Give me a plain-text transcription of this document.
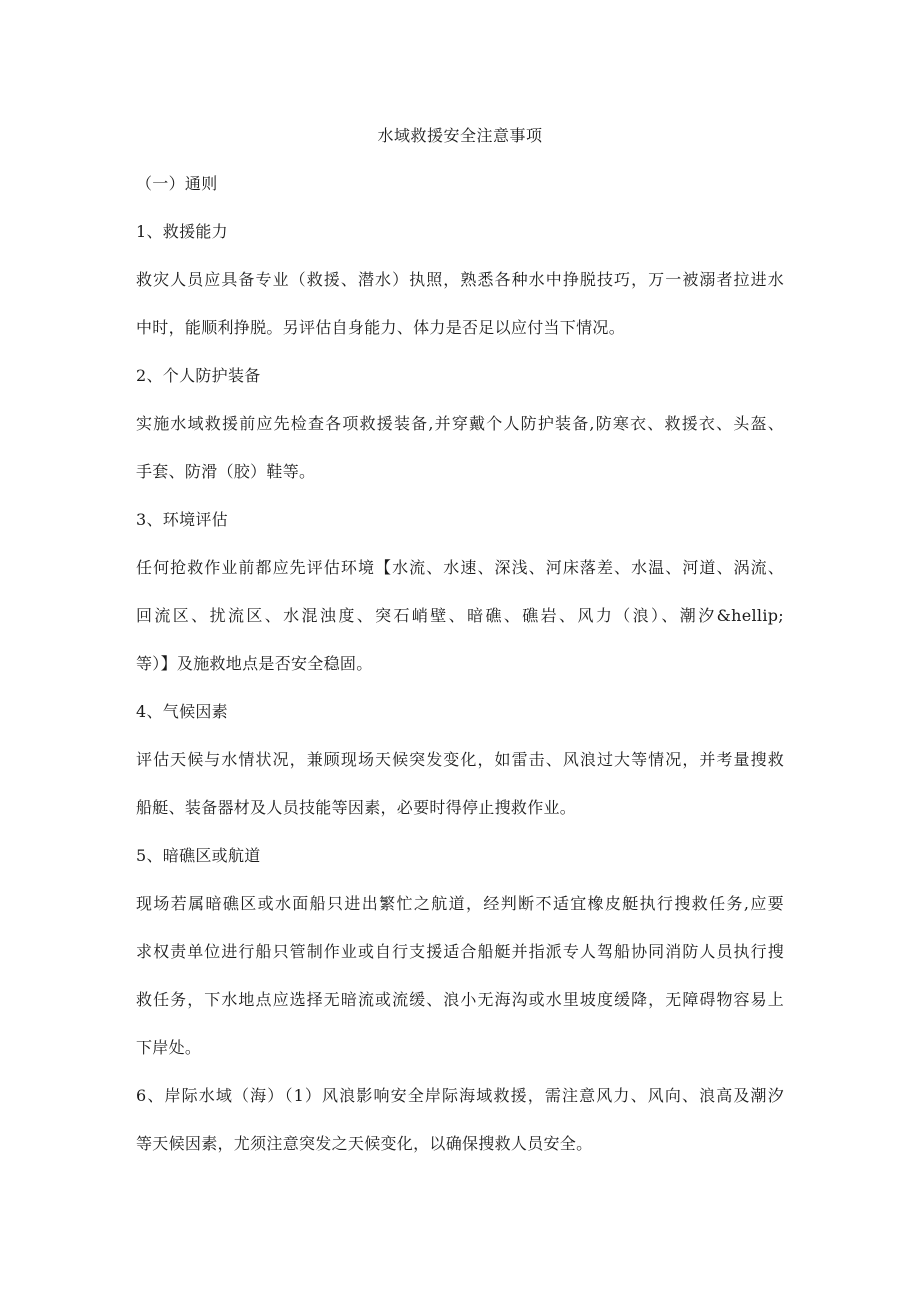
水域救援安全注意事项
（一）通则
1、救援能力
救灾人员应具备专业（救援、潜水）执照，熟悉各种水中挣脱技巧，万一被溺者拉进水
中时，能顺利挣脱。另评估自身能力、体力是否足以应付当下情况。
2、个人防护装备
实施水域救援前应先检查各项救援装备,并穿戴个人防护装备,防寒衣、救援衣、头盔、
手套、防滑（胶）鞋等。
3、环境评估
任何抢救作业前都应先评估环境【水流、水速、深浅、河床落差、水温、河道、涡流、
回流区、扰流区、水混浊度、突石峭壁、暗礁、礁岩、风力（浪）、潮汐&hellip;
等）】及施救地点是否安全稳固。
4、气候因素
评估天候与水情状况，兼顾现场天候突发变化，如雷击、风浪过大等情况，并考量搜救
船艇、装备器材及人员技能等因素，必要时得停止搜救作业。
5、暗礁区或航道
现场若属暗礁区或水面船只进出繁忙之航道，经判断不适宜橡皮艇执行搜救任务,应要
求权责单位进行船只管制作业或自行支援适合船艇并指派专人驾船协同消防人员执行搜
救任务，下水地点应选择无暗流或流缓、浪小无海沟或水里坡度缓降，无障碍物容易上
下岸处。
6、岸际水域（海）（1）风浪影响安全岸际海域救援，需注意风力、风向、浪高及潮汐
等天候因素，尤须注意突发之天候变化，以确保搜救人员安全。
